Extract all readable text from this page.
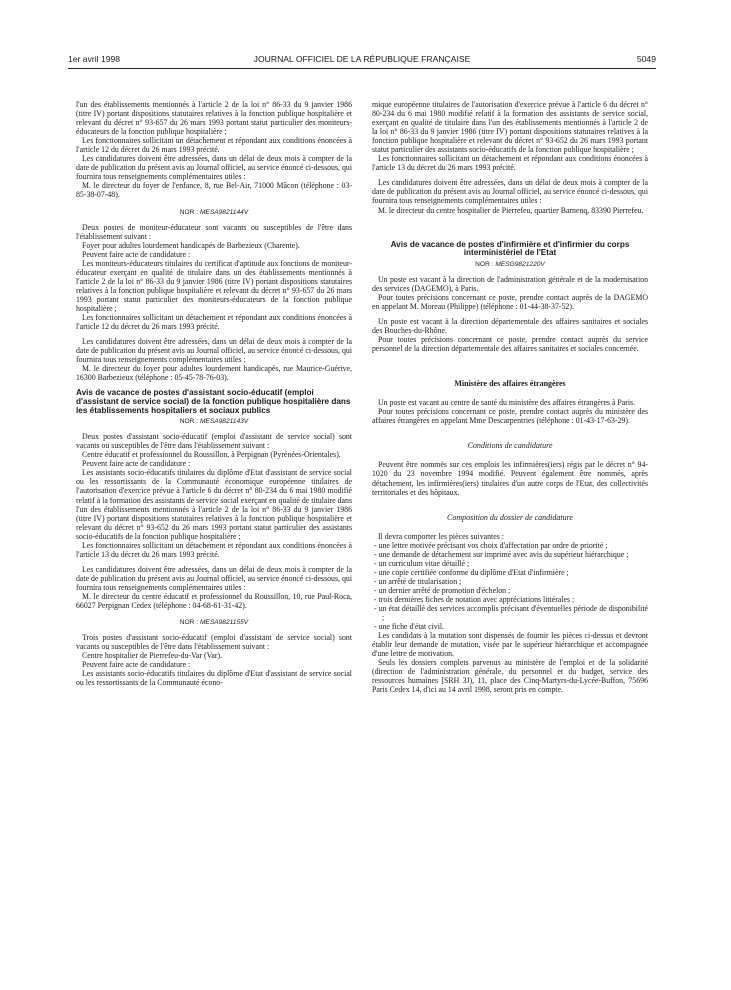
1er avril 1998	JOURNAL OFFICIEL DE LA RÉPUBLIQUE FRANÇAISE	5049

l'un des établissements mentionnés à l'article 2 de la loi n° 86-33 du 9 janvier 1986 (titre IV) portant dispositions statutaires relatives à la fonction publique hospitalière et relevant du décret n° 93-657 du 26 mars 1993 portant statut particulier des moniteurs-éducateurs de la fonction publique hospitalière ;

Les fonctionnaires sollicitant un détachement et répondant aux conditions énoncées à l'article 12 du décret du 26 mars 1993 précité.

Les candidatures doivent être adressées, dans un délai de deux mois à compter de la date de publication du présent avis au Journal officiel, au service énoncé ci-dessous, qui fournira tous renseignements complémentaires utiles :

M. le directeur du foyer de l'enfance, 8, rue Bel-Air, 71000 Mâcon (téléphone : 03-85-38-07-48).

NOR : MESA9821144V

Deux postes de moniteur-éducateur sont vacants ou susceptibles de l'être dans l'établissement suivant :

Foyer pour adultes lourdement handicapés de Barbezieux (Charente).

Peuvent faire acte de candidature :

Les moniteurs-éducateurs titulaires du certificat d'aptitude aux fonctions de moniteur-éducateur exerçant en qualité de titulaire dans un des établissements mentionnés à l'article 2 de la loi n° 86-33 du 9 janvier 1986 (titre IV) portant dispositions statutaires relatives à la fonction publique hospitalière et relevant du décret n° 93-657 du 26 mars 1993 portant statut particulier des moniteurs-éducateurs de la fonction publique hospitalière ;

Les fonctionnaires sollicitant un détachement et répondant aux conditions énoncées à l'article 12 du décret du 26 mars 1993 précité.

Les candidatures doivent être adressées, dans un délai de deux mois à compter de la date de publication du présent avis au Journal officiel, au service énoncé ci-dessous, qui fournira tous renseignements complémentaires utiles :

M. le directeur du foyer pour adultes lourdement handicapés, rue Maurice-Guérive, 16300 Barbezieux (téléphone : 05-45-78-76-03).

Avis de vacance de postes d'assistant socio-éducatif (emploi d'assistant de service social) de la fonction publique hospitalière dans les établissements hospitaliers et sociaux publics
NOR : MESA9821143V

Deux postes d'assistant socio-éducatif (emploi d'assistant de service social) sont vacants ou susceptibles de l'être dans l'établissement suivant :

Centre éducatif et professionnel du Roussillon, à Perpignan (Pyrénées-Orientales).

Peuvent faire acte de candidature :

Les assistants socio-éducatifs titulaires du diplôme d'Etat d'assistant de service social ou les ressortissants de la Communauté économique européenne titulaires de l'autorisation d'exercice prévue à l'article 6 du décret n° 80-234 du 6 mai 1980 modifié relatif à la formation des assistants de service social exerçant en qualité de titulaire dans l'un des établissements mentionnés à l'article 2 de la loi n° 86-33 du 9 janvier 1986 (titre IV) portant dispositions statutaires relatives à la fonction publique hospitalière et relevant du décret n° 93-652 du 26 mars 1993 portant statut particulier des assistants socio-éducatifs de la fonction publique hospitalière ;

Les fonctionnaires sollicitant un détachement et répondant aux conditions énoncées à l'article 13 du décret du 26 mars 1993 précité.

Les candidatures doivent être adressées, dans un délai de deux mois à compter de la date de publication du présent avis au Journal officiel, au service énoncé ci-dessous, qui fournira tous renseignements complémentaires utiles :

M. le directeur du centre éducatif et professionnel du Roussillon, 10, rue Paul-Roca, 66027 Perpignan Cedex (téléphone : 04-68-61-31-42).

NOR : MESA9821155V

Trois postes d'assistant socio-éducatif (emploi d'assistant de service social) sont vacants ou susceptibles de l'être dans l'établissement suivant :

Centre hospitalier de Pierrefeu-du-Var (Var).

Peuvent faire acte de candidature :

Les assistants socio-éducatifs titulaires du diplôme d'Etat d'assistant de service social ou les ressortissants de la Communauté écono-

mique européenne titulaires de l'autorisation d'exercice prévue à l'article 6 du décret n° 80-234 du 6 mai 1980 modifié relatif à la formation des assistants de service social, exerçant en qualité de titulaire dans l'un des établissements mentionnés à l'article 2 de la loi n° 86-33 du 9 janvier 1986 (titre IV) portant dispositions statutaires relatives à la fonction publique hospitalière et relevant du décret n° 93-652 du 26 mars 1993 portant statut particulier des assistants socio-éducatifs de la fonction publique hospitalière ;

Les fonctionnaires sollicitant un détachement et répondant aux conditions énoncées à l'article 13 du décret du 26 mars 1993 précité.

Les candidatures doivent être adressées, dans un délai de deux mois à compter de la date de publication du présent avis au Journal officiel, au service énoncé ci-dessous, qui fournira tous renseignements complémentaires utiles :

M. le directeur du centre hospitalier de Pierrefeu, quartier Barnenq, 83390 Pierrefeu.

Avis de vacance de postes d'infirmière et d'infirmier du corps interministériel de l'Etat
NOR : MESG9821220V

Un poste est vacant à la direction de l'administration générale et de la modernisation des services (DAGEMO), à Paris.

Pour toutes précisions concernant ce poste, prendre contact auprès de la DAGEMO en appelant M. Moreau (Philippe) (téléphone : 01-44-38-37-52).

Un poste est vacant à la direction départementale des affaires sanitaires et sociales des Bouches-du-Rhône.

Pour toutes précisions concernant ce poste, prendre contact auprès du service personnel de la direction départementale des affaires sanitaires et sociales concernée.

Ministère des affaires étrangères

Un poste est vacant au centre de santé du ministère des affaires étrangères à Paris.

Pour toutes précisions concernant ce poste, prendre contact auprès du ministère des affaires étrangères en appelant Mme Descarpentries (téléphone : 01-43-17-63-29).

Conditions de candidature

Peuvent être nommés sur ces emplois les infirmières(iers) régis par le décret n° 94-1020 du 23 novembre 1994 modifié. Peuvent également être nommés, après détachement, les infirmières(iers) titulaires d'un autre corps de l'Etat, des collectivités territoriales et des hôpitaux.

Composition du dossier de candidature

Il devra comporter les pièces suivantes :

- une lettre motivée précisant vos choix d'affectation par ordre de priorité ;
- une demande de détachement sur imprimé avec avis du supérieur hiérarchique ;
- un curriculum vitae détaillé ;
- une copie certifiée conforme du diplôme d'Etat d'infirmière ;
- un arrêté de titularisation ;
- un dernier arrêté de promotion d'échelon ;
- trois dernières fiches de notation avec appréciations littérales ;
- un état détaillé des services accomplis précisant d'éventuelles période de disponibilité ;
- une fiche d'état civil.

Les candidats à la mutation sont dispensés de fournir les pièces ci-dessus et devront établir leur demande de mutation, visée par le supérieur hiérarchique et accompagnée d'une lettre de motivation.

Seuls les dossiers complets parvenus au ministère de l'emploi et de la solidarité (direction de l'administration générale, du personnel et du budget, service des ressources humaines [SRH 3J), 11, place des Cinq-Martyrs-du-Lycée-Buffon, 75696 Paris Cedex 14, d'ici au 14 avril 1998, seront pris en compte.
